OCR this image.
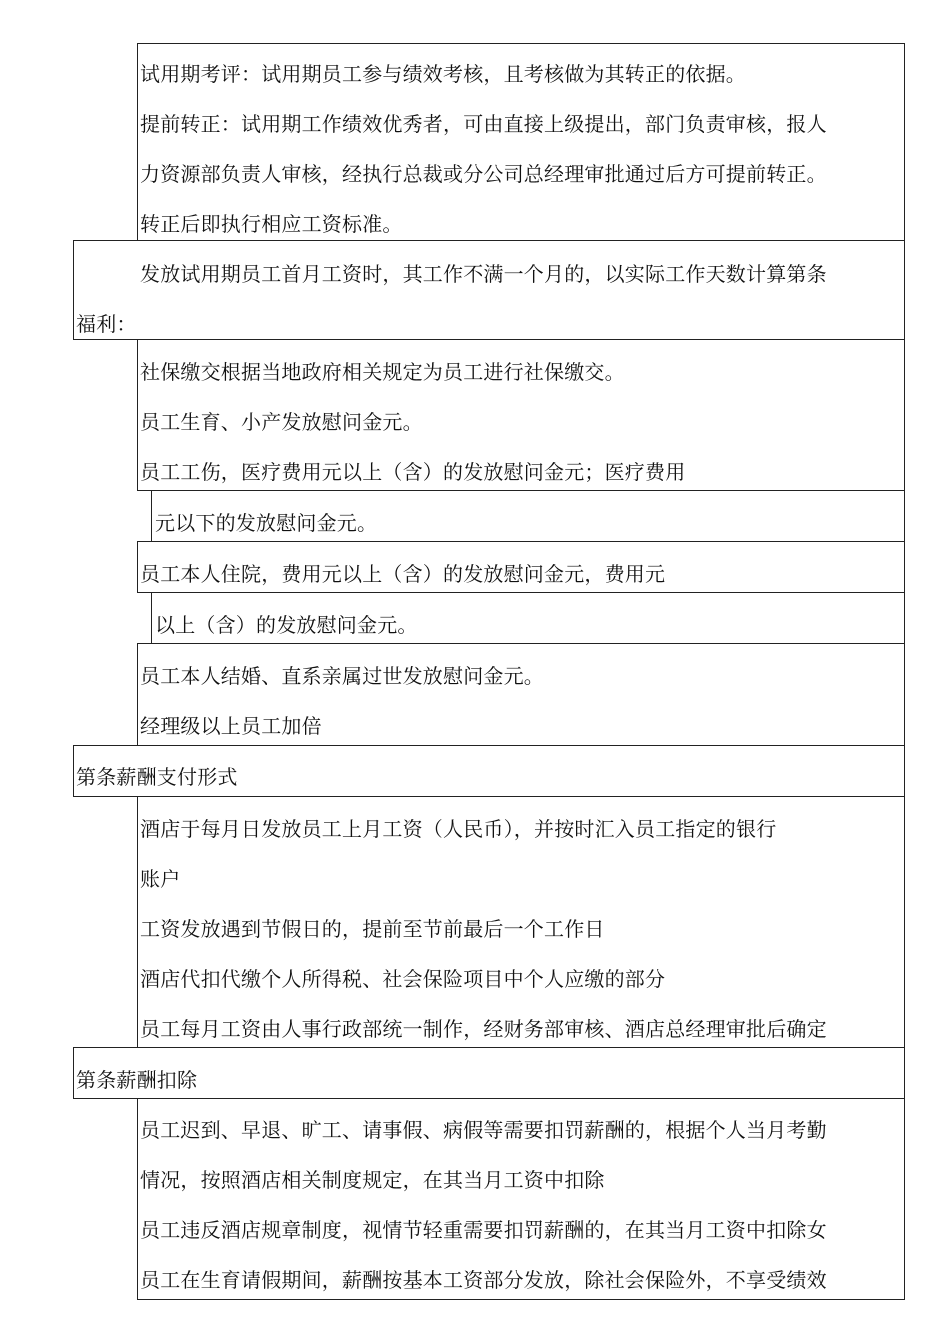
试用期考评：试用期员工参与绩效考核，且考核做为其转正的依据。
提前转正：试用期工作绩效优秀者，可由直接上级提出，部门负责审核，报人
力资源部负责人审核，经执行总裁或分公司总经理审批通过后方可提前转正。
转正后即执行相应工资标准。
发放试用期员工首月工资时，其工作不满一个月的，以实际工作天数计算第条
福利：
社保缴交根据当地政府相关规定为员工进行社保缴交。
员工生育、小产发放慰问金元。
员工工伤，医疗费用元以上（含）的发放慰问金元；医疗费用
元以下的发放慰问金元。
员工本人住院，费用元以上（含）的发放慰问金元，费用元
以上（含）的发放慰问金元。
员工本人结婚、直系亲属过世发放慰问金元。
经理级以上员工加倍
第条薪酬支付形式
酒店于每月日发放员工上月工资（人民币），并按时汇入员工指定的银行
账户
工资发放遇到节假日的，提前至节前最后一个工作日
酒店代扣代缴个人所得税、社会保险项目中个人应缴的部分
员工每月工资由人事行政部统一制作，经财务部审核、酒店总经理审批后确定
第条薪酬扣除
员工迟到、早退、旷工、请事假、病假等需要扣罚薪酬的，根据个人当月考勤
情况，按照酒店相关制度规定，在其当月工资中扣除
员工违反酒店规章制度，视情节轻重需要扣罚薪酬的，在其当月工资中扣除女
员工在生育请假期间，薪酬按基本工资部分发放，除社会保险外，不享受绩效
